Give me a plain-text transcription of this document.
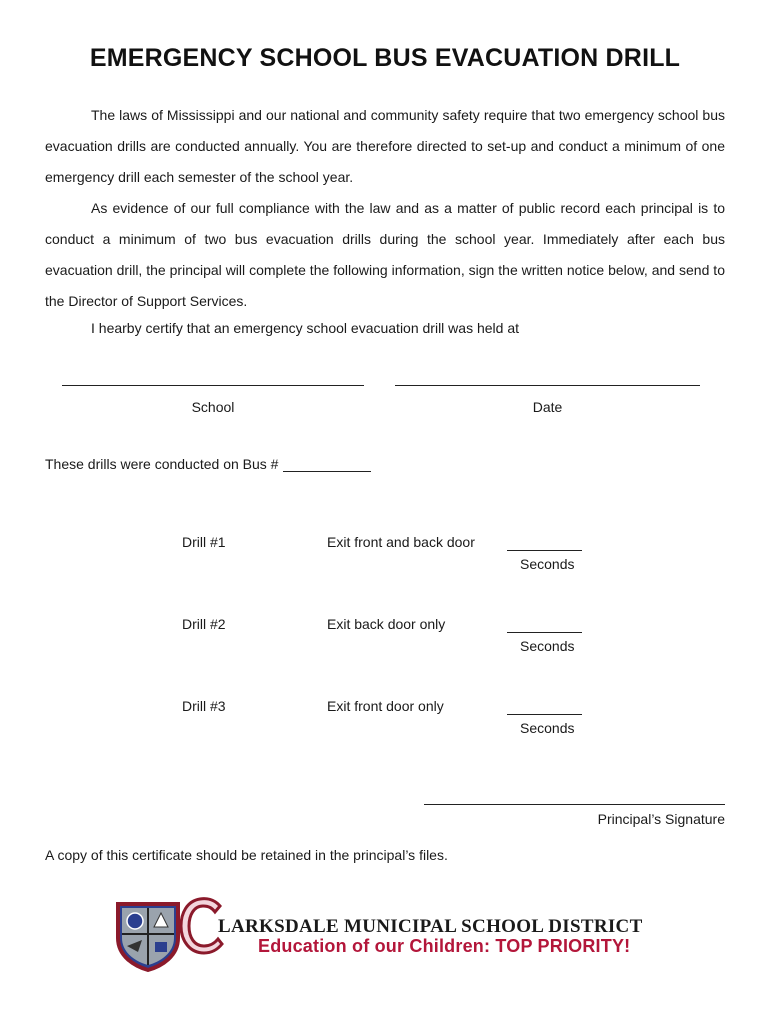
EMERGENCY SCHOOL BUS EVACUATION DRILL

The laws of Mississippi and our national and community safety require that two emergency school bus evacuation drills are conducted annually. You are therefore directed to set-up and conduct a minimum of one emergency drill each semester of the school year.

As evidence of our full compliance with the law and as a matter of public record each principal is to conduct a minimum of two bus evacuation drills during the school year. Immediately after each bus evacuation drill, the principal will complete the following information, sign the written notice below, and send to the Director of Support Services.

I hearby certify that an emergency school evacuation drill was held at
School	Date
These drills were conducted on Bus #
Drill #1	Exit front and back door
Seconds
Drill #2	Exit back door only
Seconds
Drill #3	Exit front door only
Seconds
Principal’s Signature
A copy of this certificate should be retained in the principal’s files.
LARKSDALE MUNICIPAL SCHOOL DISTRICT
Education of our Children: TOP PRIORITY!
